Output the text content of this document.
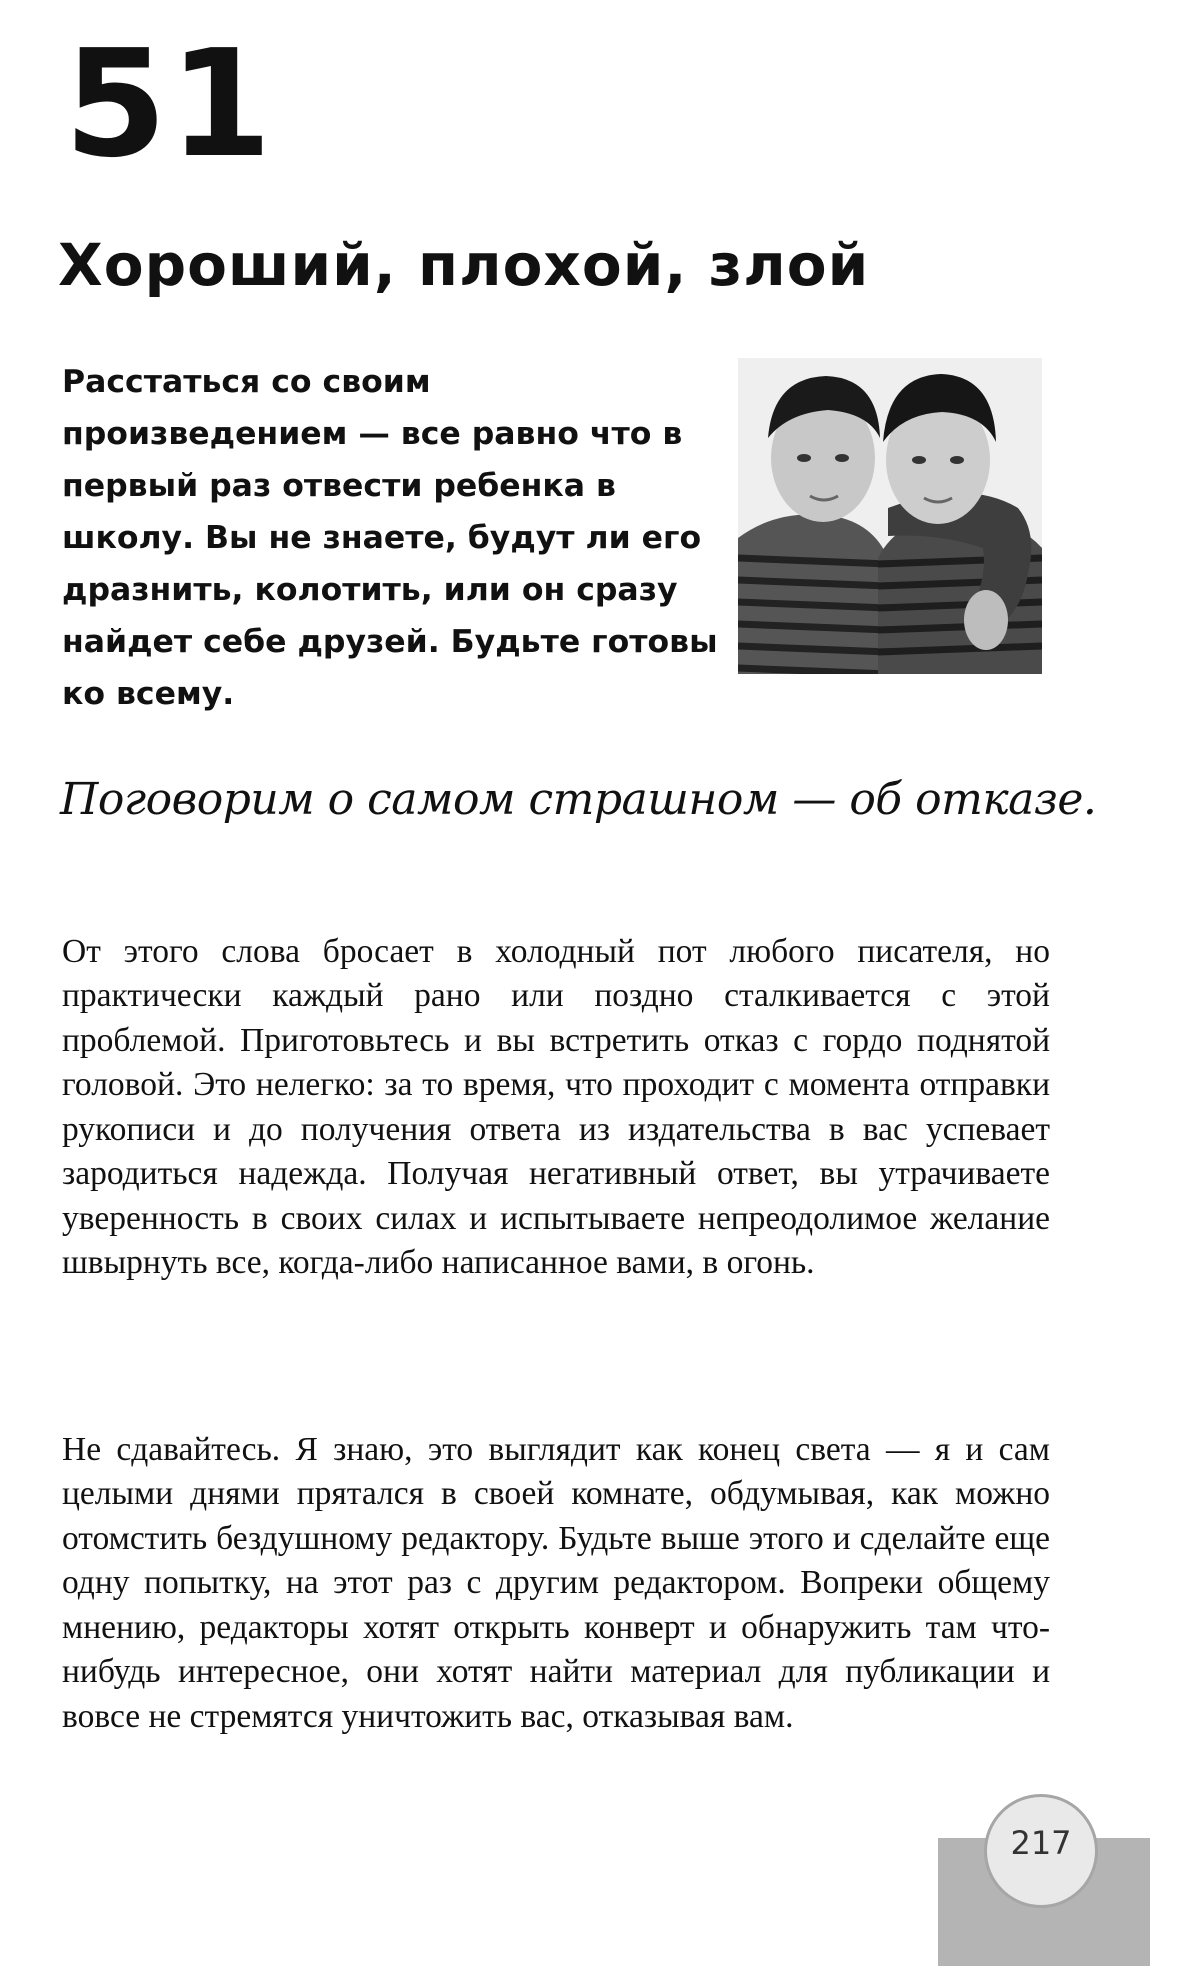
51
Хороший, плохой, злой
Расстаться со своим произведением — все равно что в первый раз отвести ребенка в школу. Вы не знаете, будут ли его дразнить, колотить, или он сразу найдет себе друзей. Будьте готовы ко всему.
Поговорим о самом страшном — об отказе.

От этого слова бросает в холодный пот любого писателя, но практически каждый рано или поздно сталкивается с этой проблемой. Приготовьтесь и вы встретить отказ с гордо поднятой головой. Это нелегко: за то время, что проходит с момента отправки рукописи и до получения ответа из издательства в вас успевает зародиться надежда. Получая негативный ответ, вы утрачиваете уверенность в своих силах и испытываете непреодолимое желание швырнуть все, когда-либо написанное вами, в огонь.

Не сдавайтесь. Я знаю, это выглядит как конец света — я и сам целыми днями прятался в своей комнате, обдумывая, как можно отомстить бездушному редактору. Будьте выше этого и сделайте еще одну попытку, на этот раз с другим редактором. Вопреки общему мнению, редакторы хотят открыть конверт и обнаружить там что-нибудь интересное, они хотят найти материал для публикации и вовсе не стремятся уничтожить вас, отказывая вам.

217
